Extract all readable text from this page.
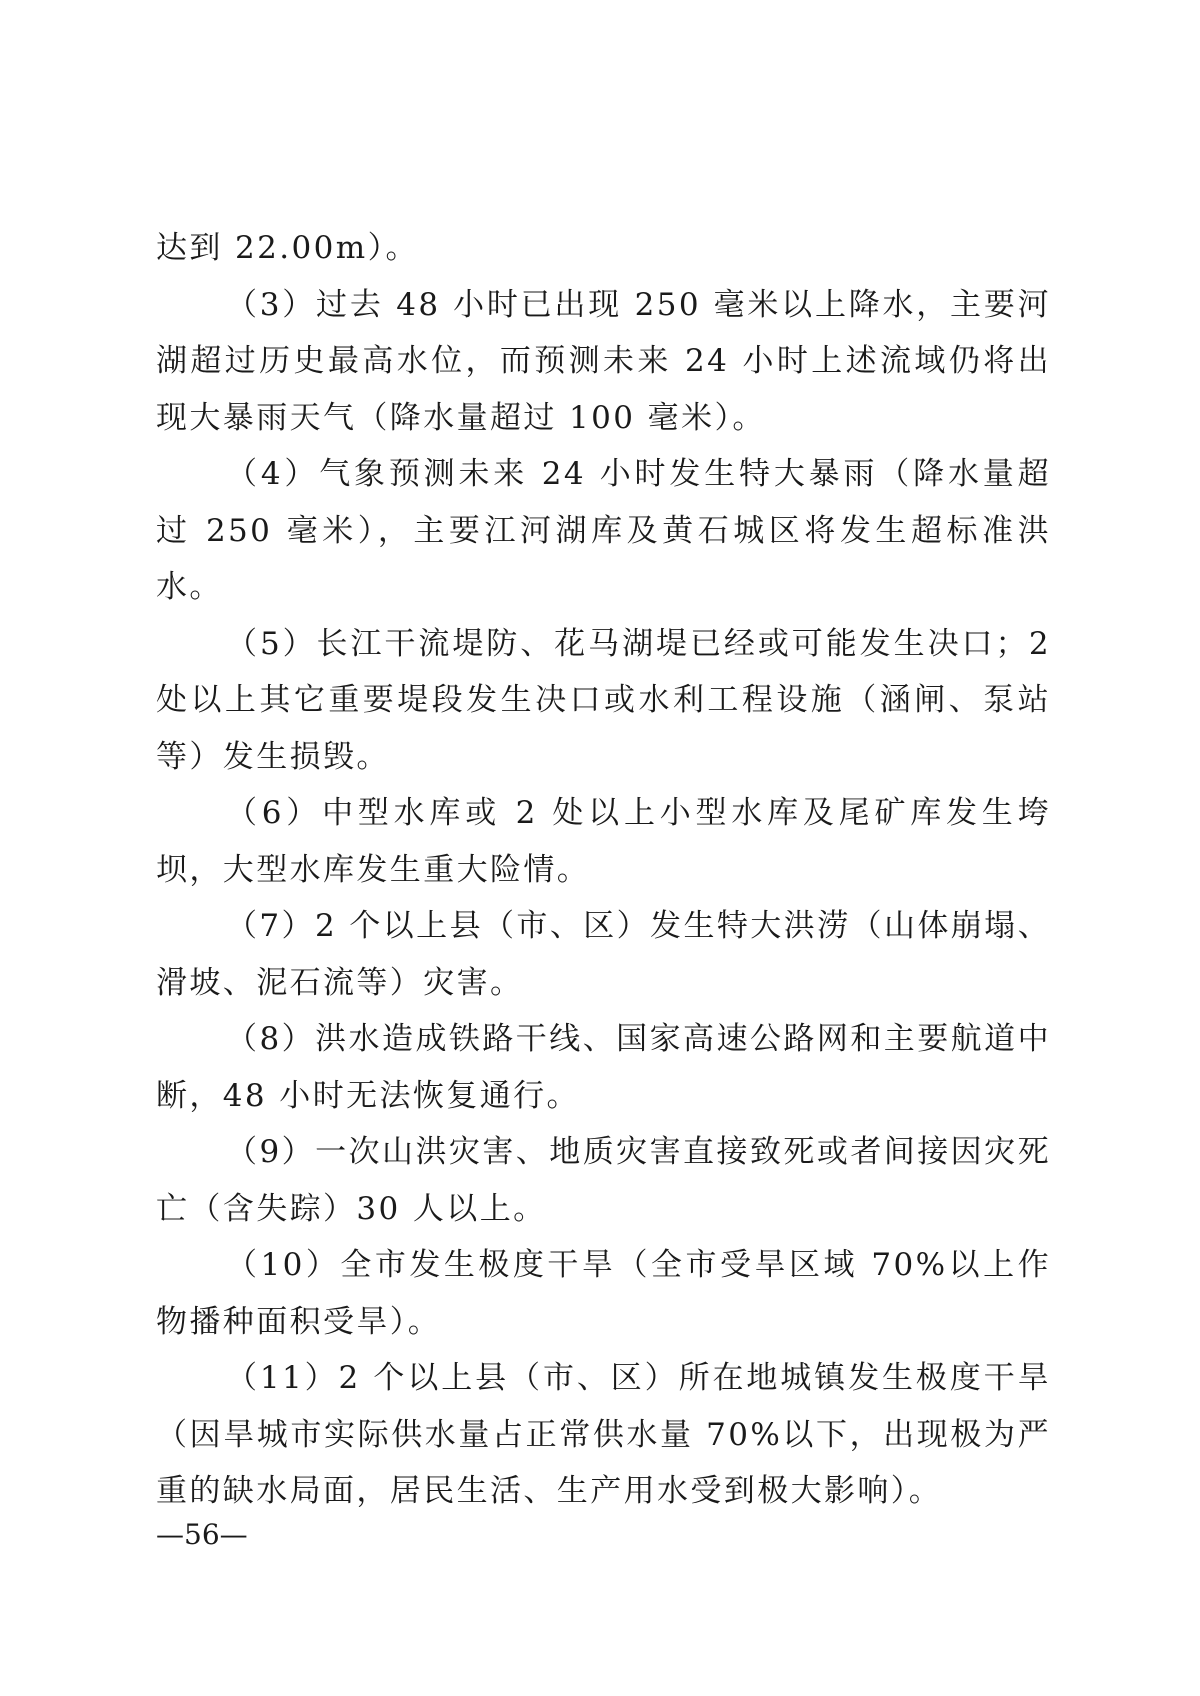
达到 22.00m）。

（3）过去 48 小时已出现 250 毫米以上降水，主要河湖超过历史最高水位，而预测未来 24 小时上述流域仍将出现大暴雨天气（降水量超过 100 毫米）。

（4）气象预测未来 24 小时发生特大暴雨（降水量超过 250 毫米），主要江河湖库及黄石城区将发生超标准洪水。

（5）长江干流堤防、花马湖堤已经或可能发生决口；2 处以上其它重要堤段发生决口或水利工程设施（涵闸、泵站等）发生损毁。

（6）中型水库或 2 处以上小型水库及尾矿库发生垮坝，大型水库发生重大险情。

（7）2 个以上县（市、区）发生特大洪涝（山体崩塌、滑坡、泥石流等）灾害。

（8）洪水造成铁路干线、国家高速公路网和主要航道中断，48 小时无法恢复通行。

（9）一次山洪灾害、地质灾害直接致死或者间接因灾死亡（含失踪）30 人以上。

（10）全市发生极度干旱（全市受旱区域 70%以上作物播种面积受旱）。

（11）2 个以上县（市、区）所在地城镇发生极度干旱（因旱城市实际供水量占正常供水量 70%以下，出现极为严重的缺水局面，居民生活、生产用水受到极大影响）。

—56—
